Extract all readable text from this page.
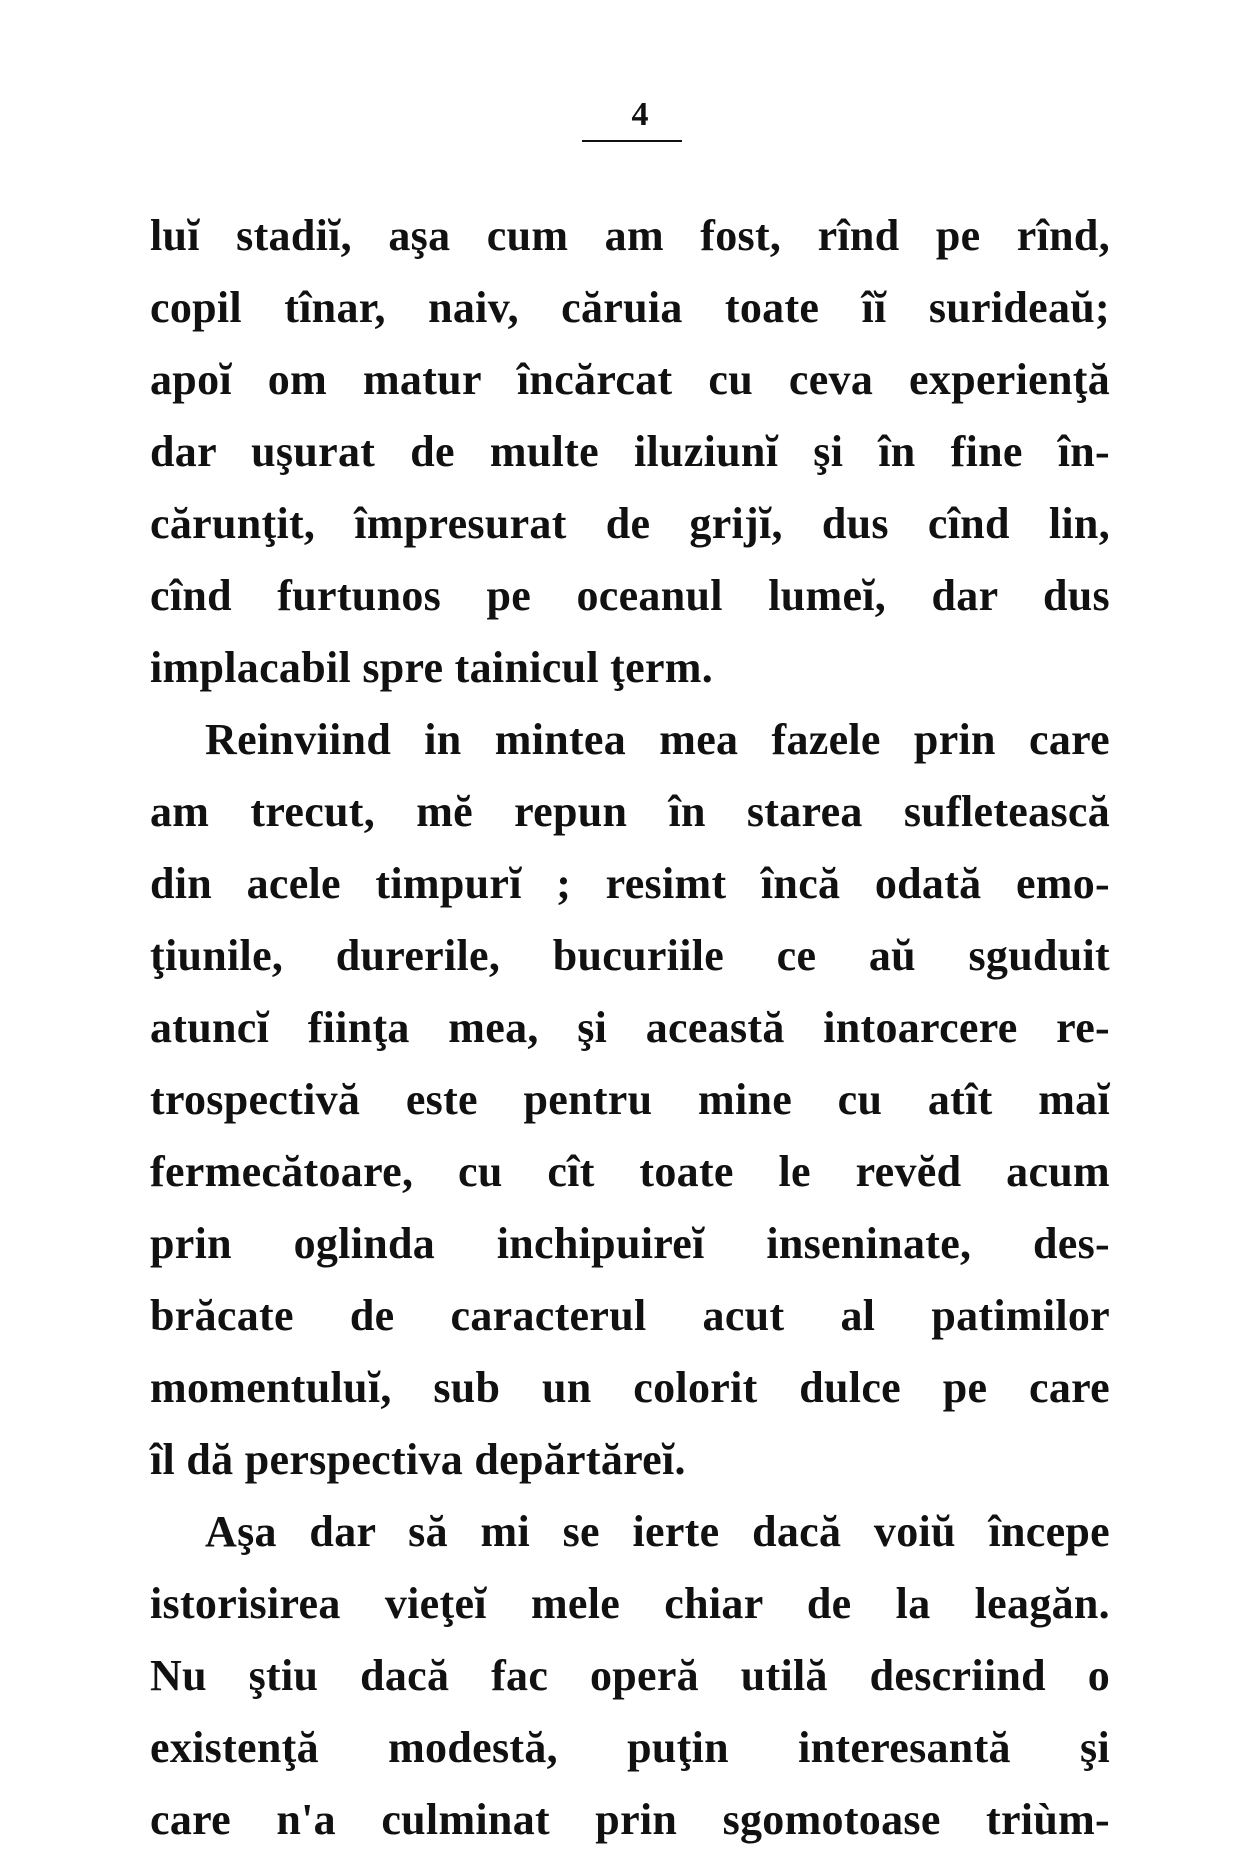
4
luĭ stadiĭ, aşa cum am fost, rînd pe rînd,
copil tînar, naiv, căruia toate îĭ surideaŭ;
apoĭ om matur încărcat cu ceva experienţă
dar uşurat de multe iluziunĭ şi în fine în-
cărunţit, împresurat de grijĭ, dus cînd lin,
cînd furtunos pe oceanul lumeĭ, dar dus
implacabil spre tainicul ţerm.
Reinviind in mintea mea fazele prin care
am trecut, mĕ repun în starea sufletească
din acele timpurĭ ; resimt încă odată emo-
ţiunile, durerile, bucuriile ce aŭ sguduit
atuncĭ fiinţa mea, şi această intoarcere re-
trospectivă este pentru mine cu atît maĭ
fermecătoare, cu cît toate le revĕd acum
prin oglinda inchipuireĭ inseninate, des-
brăcate de caracterul acut al patimilor
momentuluĭ, sub un colorit dulce pe care
îl dă perspectiva depărtăreĭ.
Aşa dar să mi se ierte dacă voiŭ începe
istorisirea vieţeĭ mele chiar de la leagăn.
Nu ştiu dacă fac operă utilă descriind o
existenţă modestă, puţin interesantă şi
care n'a culminat prin sgomotoase triùm-
